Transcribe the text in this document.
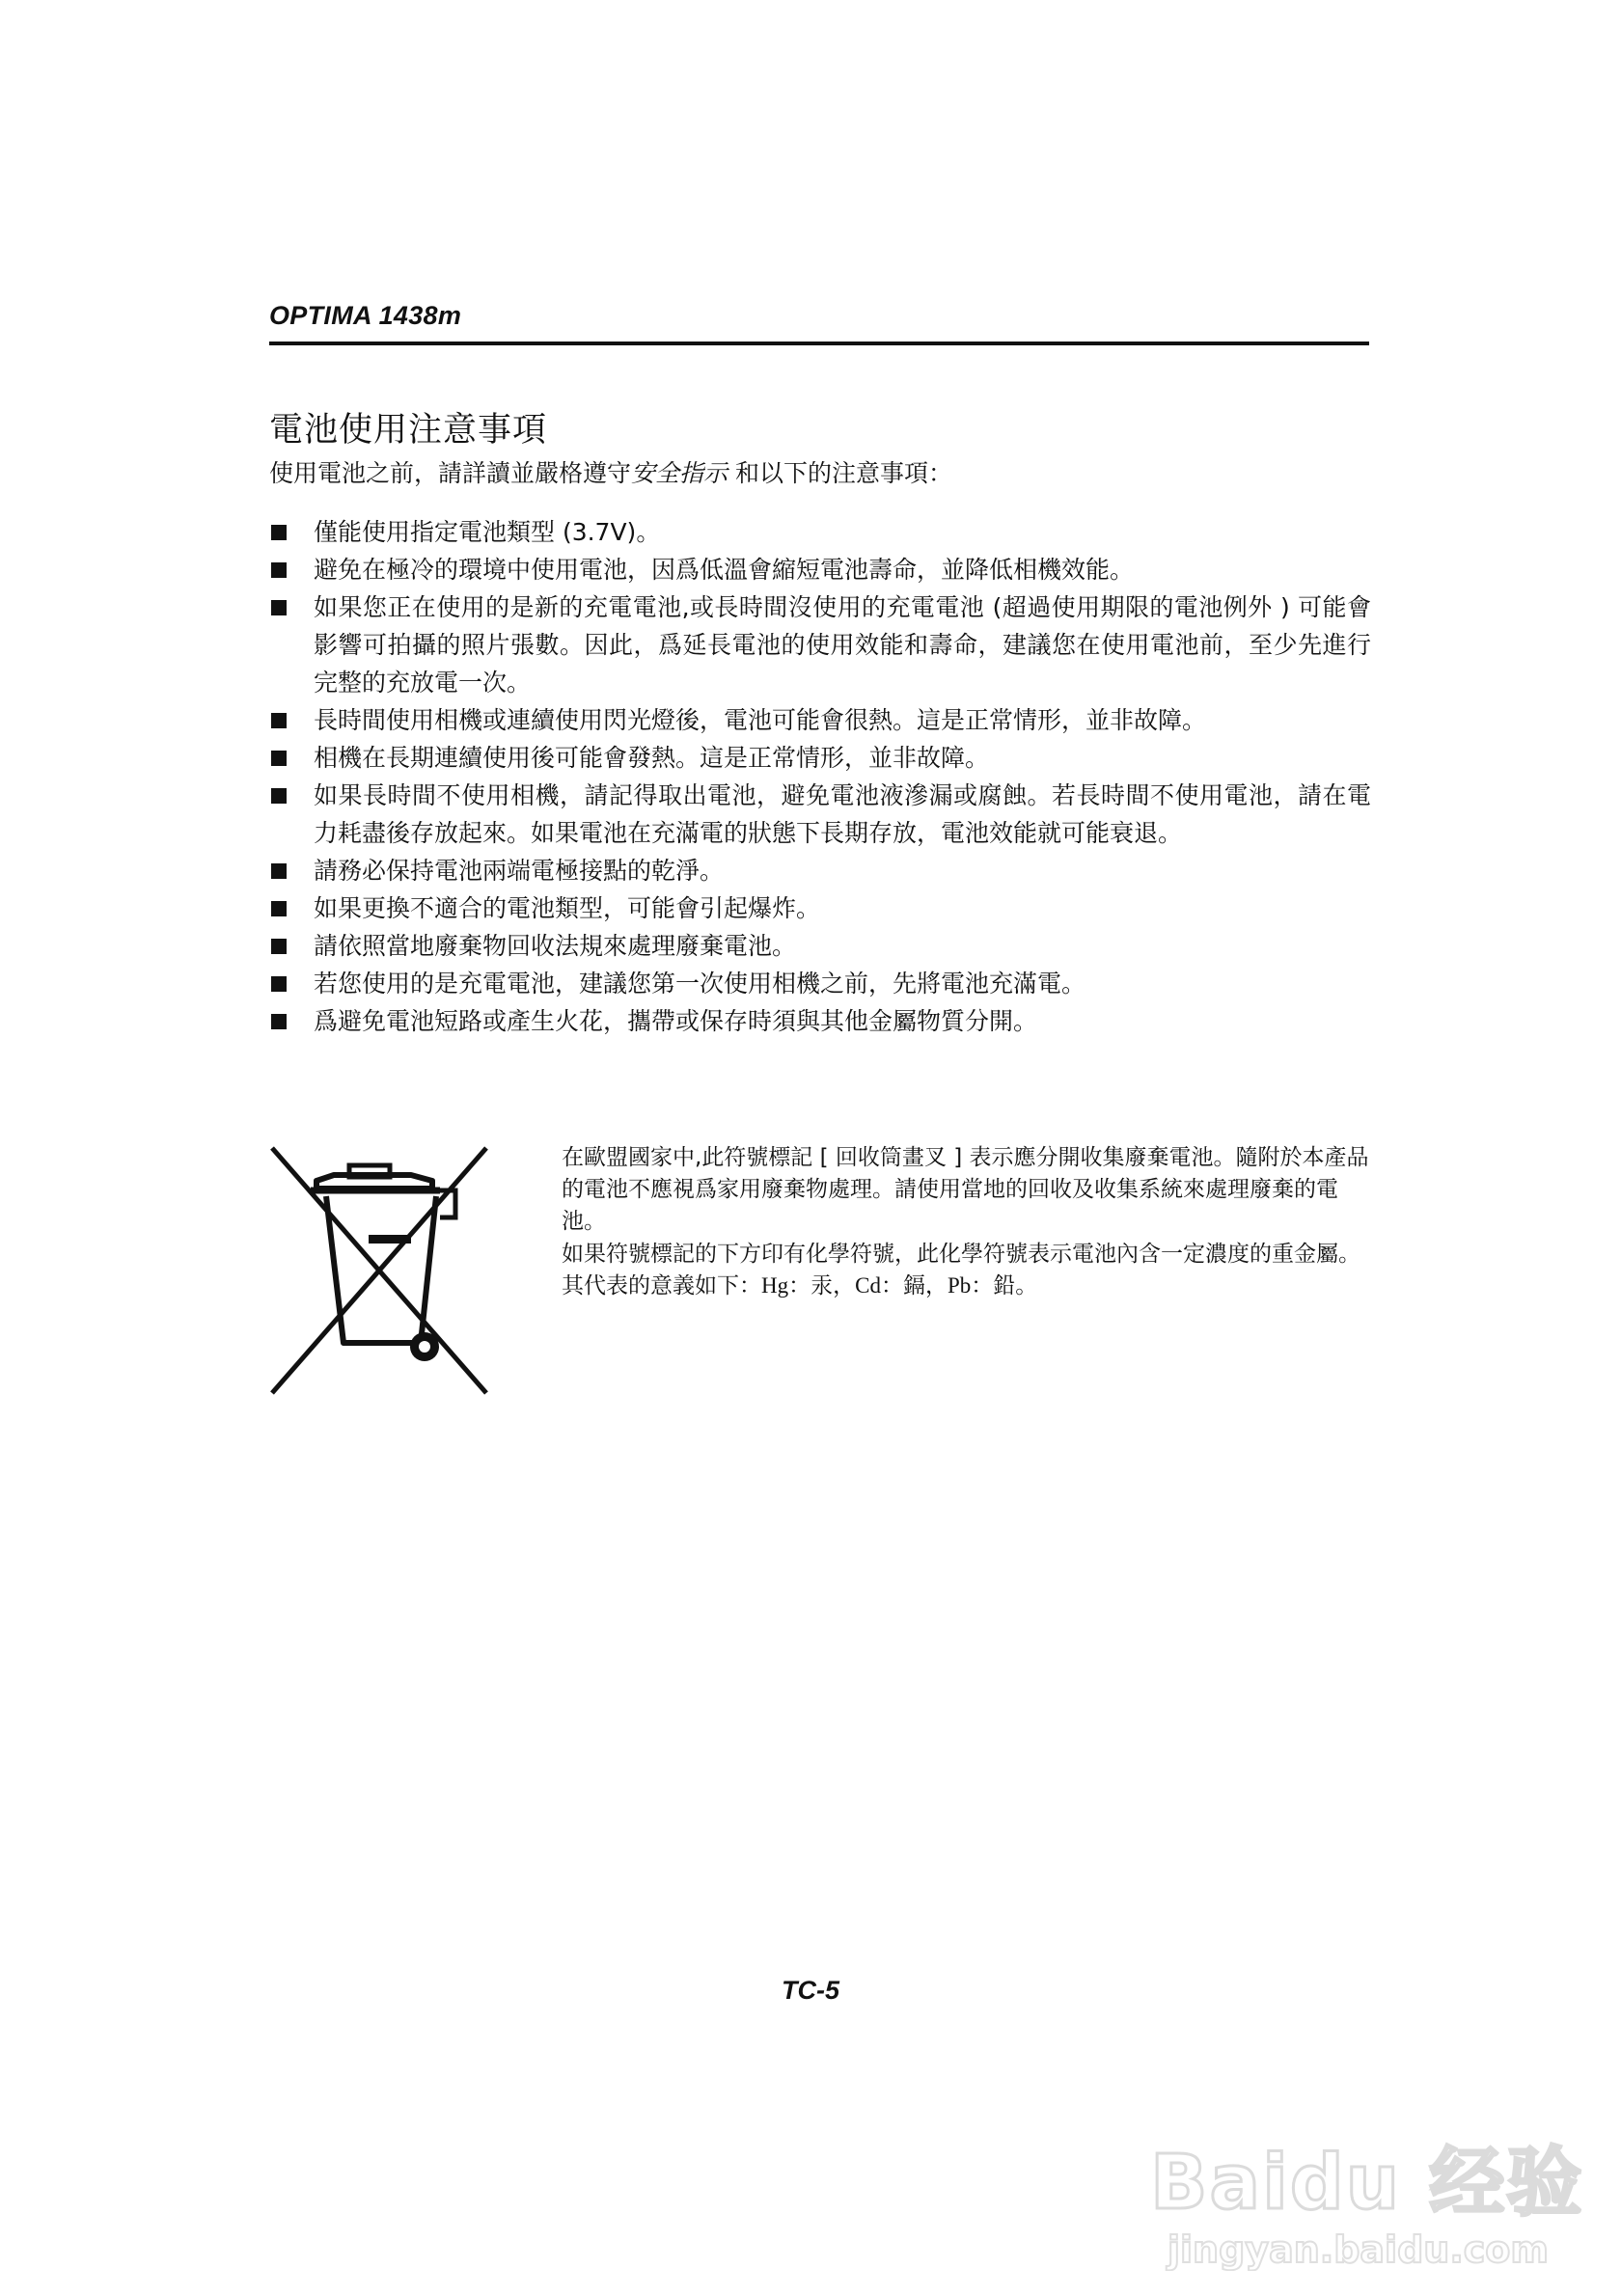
OPTIMA 1438m
電池使用注意事項
使用電池之前，請詳讀並嚴格遵守安全指示 和以下的注意事項：
僅能使用指定電池類型 (3.7V)。
避免在極冷的環境中使用電池，因爲低溫會縮短電池壽命，並降低相機效能。
如果您正在使用的是新的充電電池,或長時間沒使用的充電電池 (超過使用期限的電池例外 ) 可能會影響可拍攝的照片張數。因此，爲延長電池的使用效能和壽命，建議您在使用電池前，至少先進行完整的充放電一次。
長時間使用相機或連續使用閃光燈後，電池可能會很熱。這是正常情形，並非故障。
相機在長期連續使用後可能會發熱。這是正常情形，並非故障。
如果長時間不使用相機，請記得取出電池，避免電池液滲漏或腐蝕。若長時間不使用電池，請在電力耗盡後存放起來。如果電池在充滿電的狀態下長期存放，電池效能就可能衰退。
請務必保持電池兩端電極接點的乾淨。
如果更換不適合的電池類型，可能會引起爆炸。
請依照當地廢棄物回收法規來處理廢棄電池。
若您使用的是充電電池，建議您第一次使用相機之前，先將電池充滿電。
爲避免電池短路或產生火花，攜帶或保存時須與其他金屬物質分開。

在歐盟國家中,此符號標記 [ 回收筒畫叉 ] 表示應分開收集廢棄電池。隨附於本產品的電池不應視爲家用廢棄物處理。請使用當地的回收及收集系統來處理廢棄的電池。

如果符號標記的下方印有化學符號，此化學符號表示電池內含一定濃度的重金屬。其代表的意義如下：Hg：汞，Cd：鎘，Pb：鉛。

TC-5
Baidu 经验
jingyan.baidu.com
